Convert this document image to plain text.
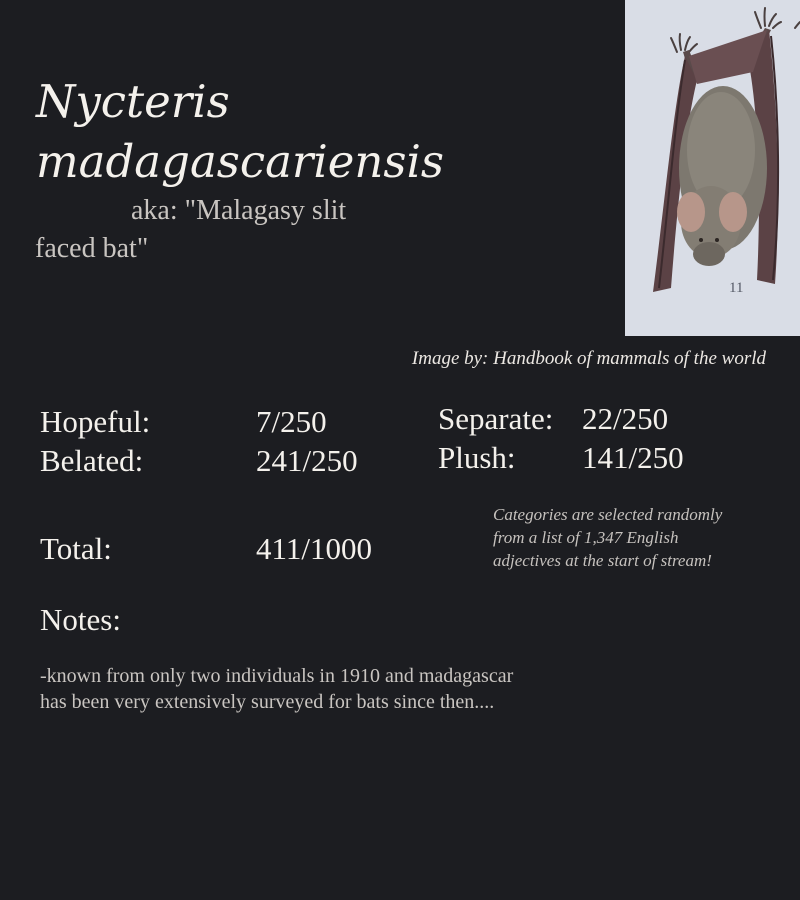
Nycteris madagascariensis

aka: "Malagasy slit faced bat"

11
Image by: Handbook of mammals of the world
Hopeful:	7/250
Belated:	241/250
Separate: 22/250
Plush: 141/250
Total:	411/1000
Categories are selected randomly from a list of 1,347 English adjectives at the start of stream!
Notes:
-known from only two individuals in 1910 and madagascar has been very extensively surveyed for bats since then....
